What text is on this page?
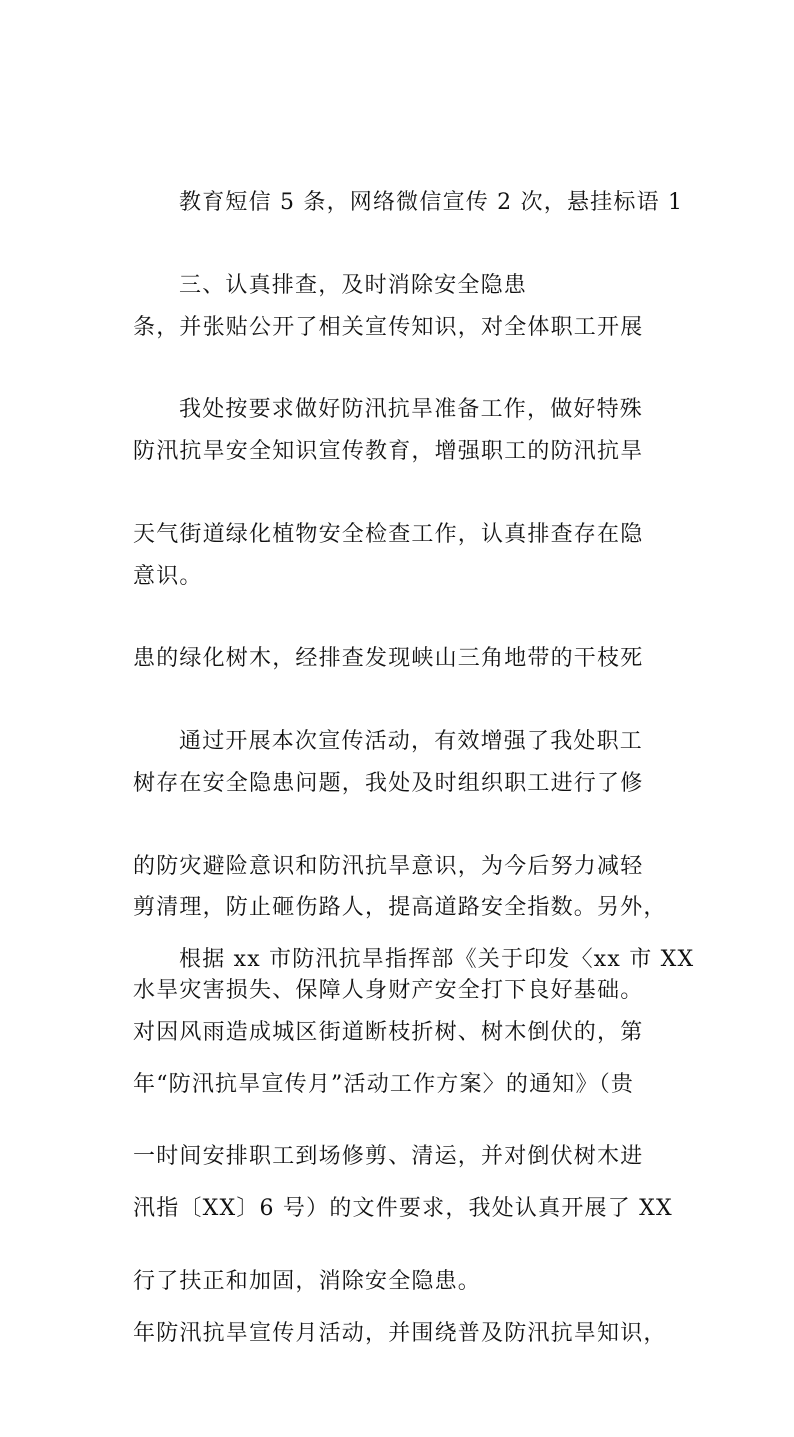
教育短信 5 条，网络微信宣传 2 次，悬挂标语 1

条，并张贴公开了相关宣传知识，对全体职工开展

防汛抗旱安全知识宣传教育，增强职工的防汛抗旱

意识。

三、认真排查，及时消除安全隐患

我处按要求做好防汛抗旱准备工作，做好特殊

天气街道绿化植物安全检查工作，认真排查存在隐

患的绿化树木，经排查发现峡山三角地带的干枝死

树存在安全隐患问题，我处及时组织职工进行了修

剪清理，防止砸伤路人，提高道路安全指数。另外，

对因风雨造成城区街道断枝折树、树木倒伏的，第

一时间安排职工到场修剪、清运，并对倒伏树木进

行了扶正和加固，消除安全隐患。

通过开展本次宣传活动，有效增强了我处职工

的防灾避险意识和防汛抗旱意识，为今后努力减轻

水旱灾害损失、保障人身财产安全打下良好基础。

根据 xx 市防汛抗旱指挥部《关于印发〈xx 市 XX

年“防汛抗旱宣传月”活动工作方案〉的通知》（贵

汛指〔XX〕6 号）的文件要求，我处认真开展了 XX

年防汛抗旱宣传月活动，并围绕普及防汛抗旱知识，
